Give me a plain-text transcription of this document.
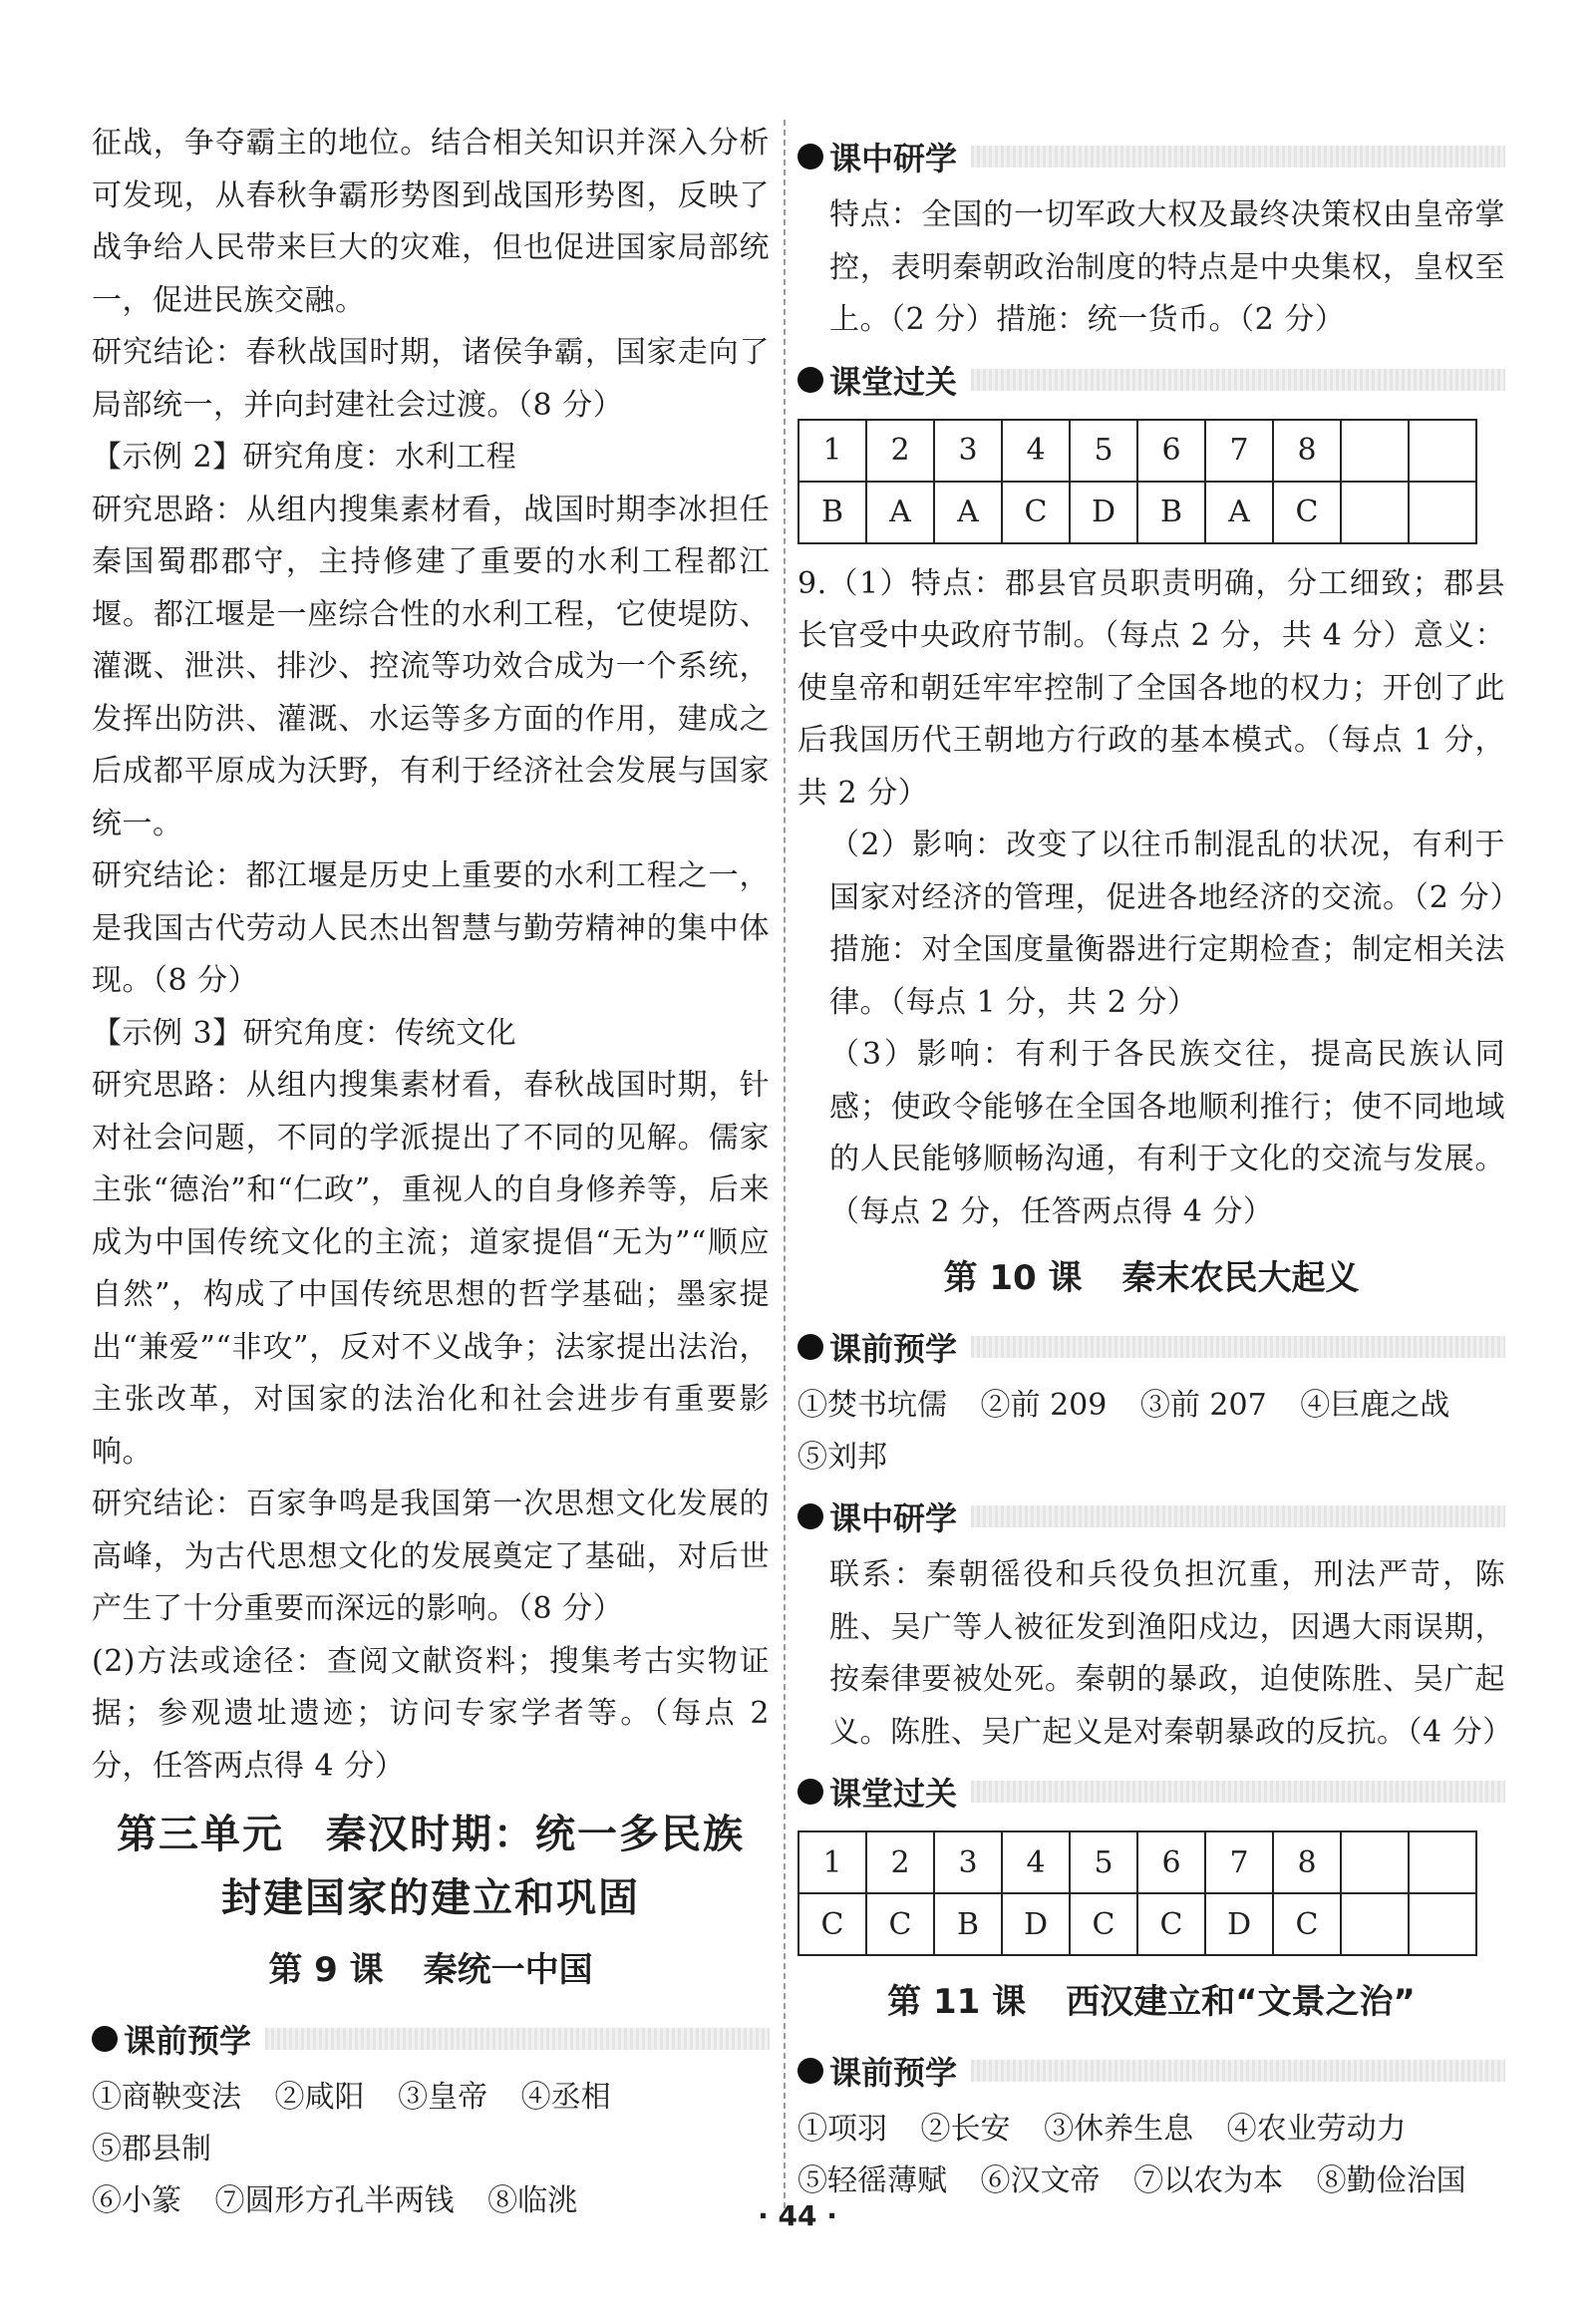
征战，争夺霸主的地位。结合相关知识并深入分析可发现，从春秋争霸形势图到战国形势图，反映了战争给人民带来巨大的灾难，但也促进国家局部统一，促进民族交融。

研究结论：春秋战国时期，诸侯争霸，国家走向了局部统一，并向封建社会过渡。（8 分）

【示例 2】研究角度：水利工程

研究思路：从组内搜集素材看，战国时期李冰担任秦国蜀郡郡守，主持修建了重要的水利工程都江堰。都江堰是一座综合性的水利工程，它使堤防、灌溉、泄洪、排沙、控流等功效合成为一个系统，发挥出防洪、灌溉、水运等多方面的作用，建成之后成都平原成为沃野，有利于经济社会发展与国家统一。

研究结论：都江堰是历史上重要的水利工程之一，是我国古代劳动人民杰出智慧与勤劳精神的集中体现。（8 分）

【示例 3】研究角度：传统文化

研究思路：从组内搜集素材看，春秋战国时期，针对社会问题，不同的学派提出了不同的见解。儒家主张“德治”和“仁政”，重视人的自身修养等，后来成为中国传统文化的主流；道家提倡“无为”“顺应自然”，构成了中国传统思想的哲学基础；墨家提出“兼爱”“非攻”，反对不义战争；法家提出法治，主张改革，对国家的法治化和社会进步有重要影响。

研究结论：百家争鸣是我国第一次思想文化发展的高峰，为古代思想文化的发展奠定了基础，对后世产生了十分重要而深远的影响。（8 分）

(2)方法或途径：查阅文献资料；搜集考古实物证据；参观遗址遗迹；访问专家学者等。（每点 2 分，任答两点得 4 分）

第三单元　秦汉时期：统一多民族
封建国家的建立和巩固
第 9 课 秦统一中国
课前预学
①商鞅变法 ②咸阳 ③皇帝 ④丞相 ⑤郡县制
⑥小篆 ⑦圆形方孔半两钱 ⑧临洮
课中研学

特点：全国的一切军政大权及最终决策权由皇帝掌控，表明秦朝政治制度的特点是中央集权，皇权至上。（2 分）措施：统一货币。（2 分）

课堂过关
1	2	3	4	5	6	7	8		
B	A	A	C	D	B	A	C		

9.（1）特点：郡县官员职责明确，分工细致；郡县长官受中央政府节制。（每点 2 分，共 4 分）意义：使皇帝和朝廷牢牢控制了全国各地的权力；开创了此后我国历代王朝地方行政的基本模式。（每点 1 分，共 2 分）

（2）影响：改变了以往币制混乱的状况，有利于国家对经济的管理，促进各地经济的交流。（2 分）措施：对全国度量衡器进行定期检查；制定相关法律。（每点 1 分，共 2 分）

（3）影响：有利于各民族交往，提高民族认同感；使政令能够在全国各地顺利推行；使不同地域的人民能够顺畅沟通，有利于文化的交流与发展。（每点 2 分，任答两点得 4 分）

第 10 课 秦末农民大起义
课前预学
①焚书坑儒 ②前 209 ③前 207 ④巨鹿之战
⑤刘邦
课中研学

联系：秦朝徭役和兵役负担沉重，刑法严苛，陈胜、吴广等人被征发到渔阳戍边，因遇大雨误期，按秦律要被处死。秦朝的暴政，迫使陈胜、吴广起义。陈胜、吴广起义是对秦朝暴政的反抗。（4 分）

课堂过关
1	2	3	4	5	6	7	8		
C	C	B	D	C	C	D	C		
第 11 课 西汉建立和“文景之治”
课前预学
①项羽 ②长安 ③休养生息 ④农业劳动力
⑤轻徭薄赋 ⑥汉文帝 ⑦以农为本 ⑧勤俭治国
· 44 ·
